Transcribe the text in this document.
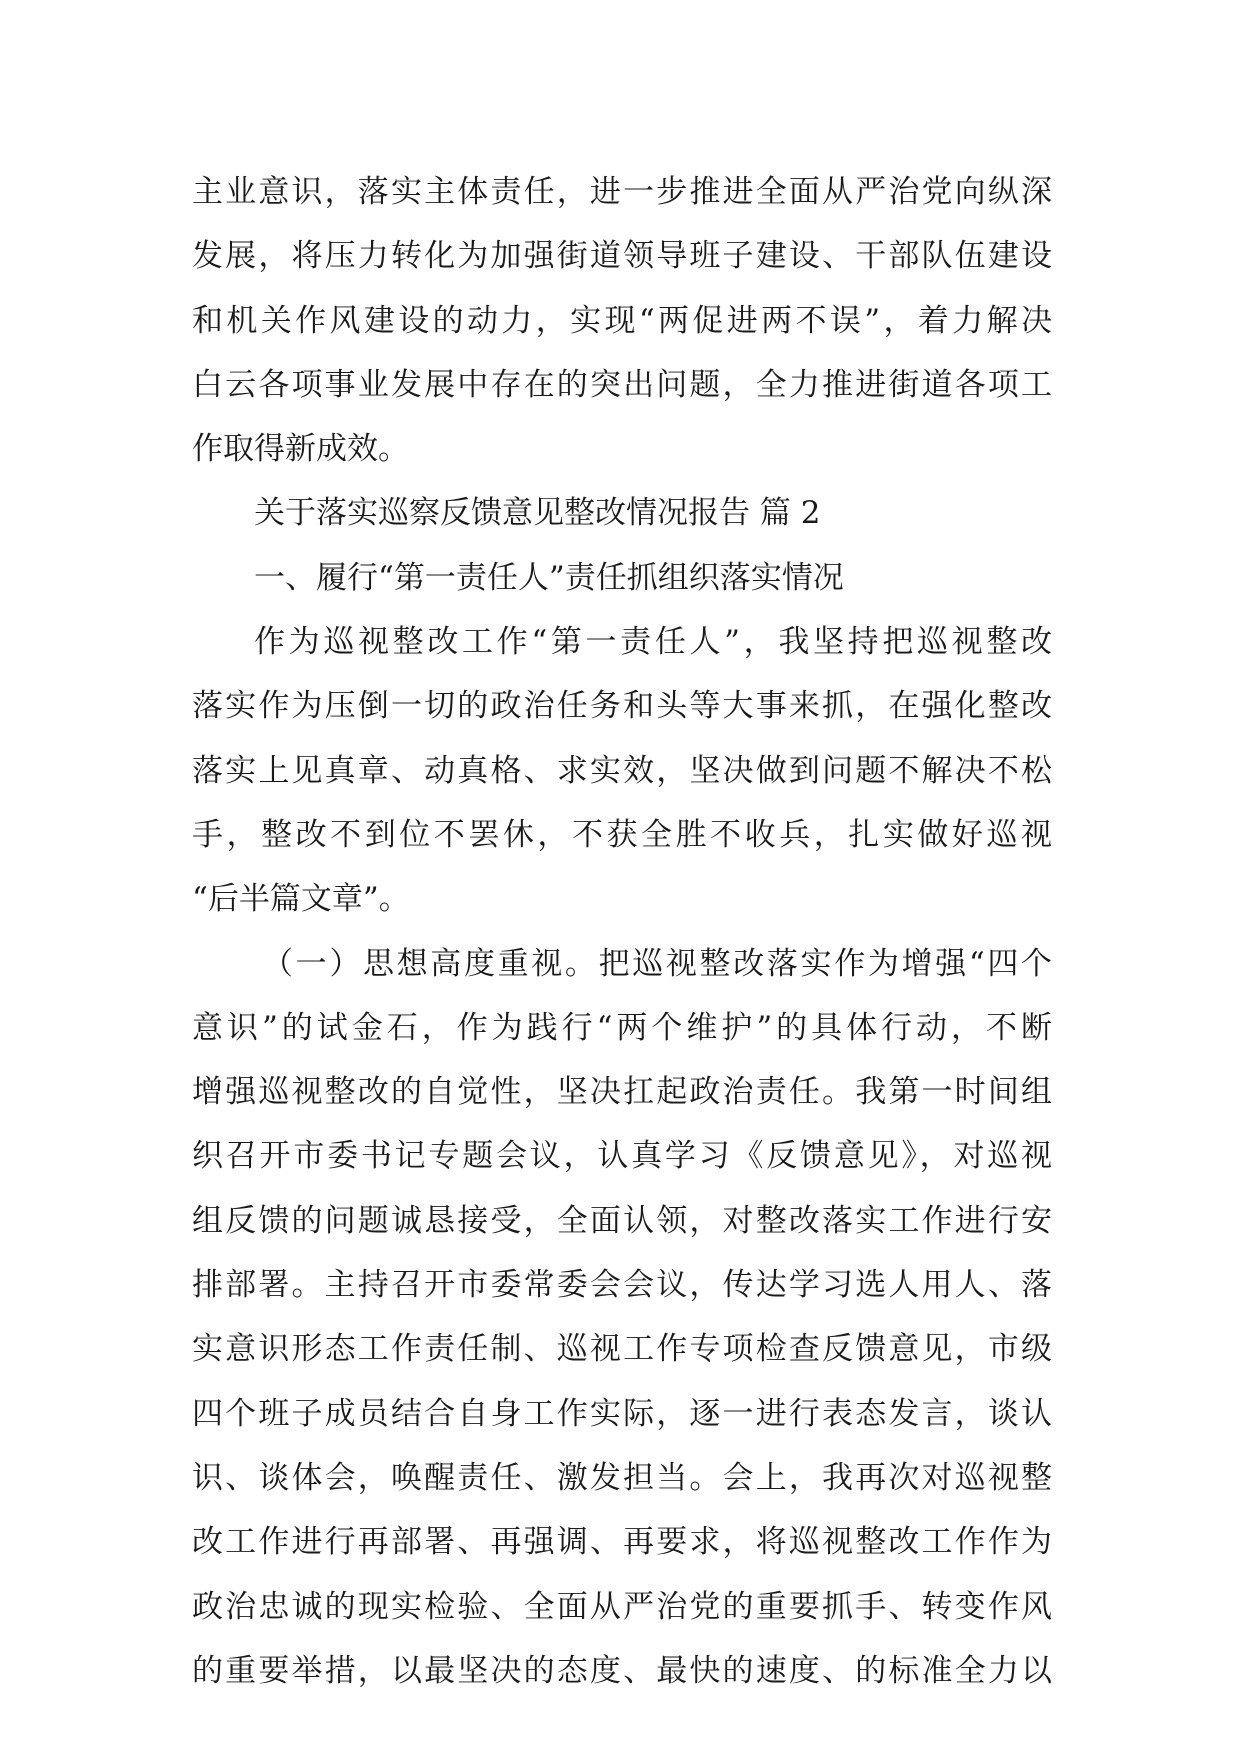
主业意识，落实主体责任，进一步推进全面从严治党向纵深
发展，将压力转化为加强街道领导班子建设、干部队伍建设
和机关作风建设的动力，实现“两促进两不误”，着力解决
白云各项事业发展中存在的突出问题，全力推进街道各项工
作取得新成效。
关于落实巡察反馈意见整改情况报告 篇 2
一、履行“第一责任人”责任抓组织落实情况
作为巡视整改工作“第一责任人”，我坚持把巡视整改
落实作为压倒一切的政治任务和头等大事来抓，在强化整改
落实上见真章、动真格、求实效，坚决做到问题不解决不松
手，整改不到位不罢休，不获全胜不收兵，扎实做好巡视
“后半篇文章”。
（一）思想高度重视。把巡视整改落实作为增强“四个
意识”的试金石，作为践行“两个维护”的具体行动，不断
增强巡视整改的自觉性，坚决扛起政治责任。我第一时间组
织召开市委书记专题会议，认真学习《反馈意见》，对巡视
组反馈的问题诚恳接受，全面认领，对整改落实工作进行安
排部署。主持召开市委常委会会议，传达学习选人用人、落
实意识形态工作责任制、巡视工作专项检查反馈意见，市级
四个班子成员结合自身工作实际，逐一进行表态发言，谈认
识、谈体会，唤醒责任、激发担当。会上，我再次对巡视整
改工作进行再部署、再强调、再要求，将巡视整改工作作为
政治忠诚的现实检验、全面从严治党的重要抓手、转变作风
的重要举措，以最坚决的态度、最快的速度、的标准全力以
